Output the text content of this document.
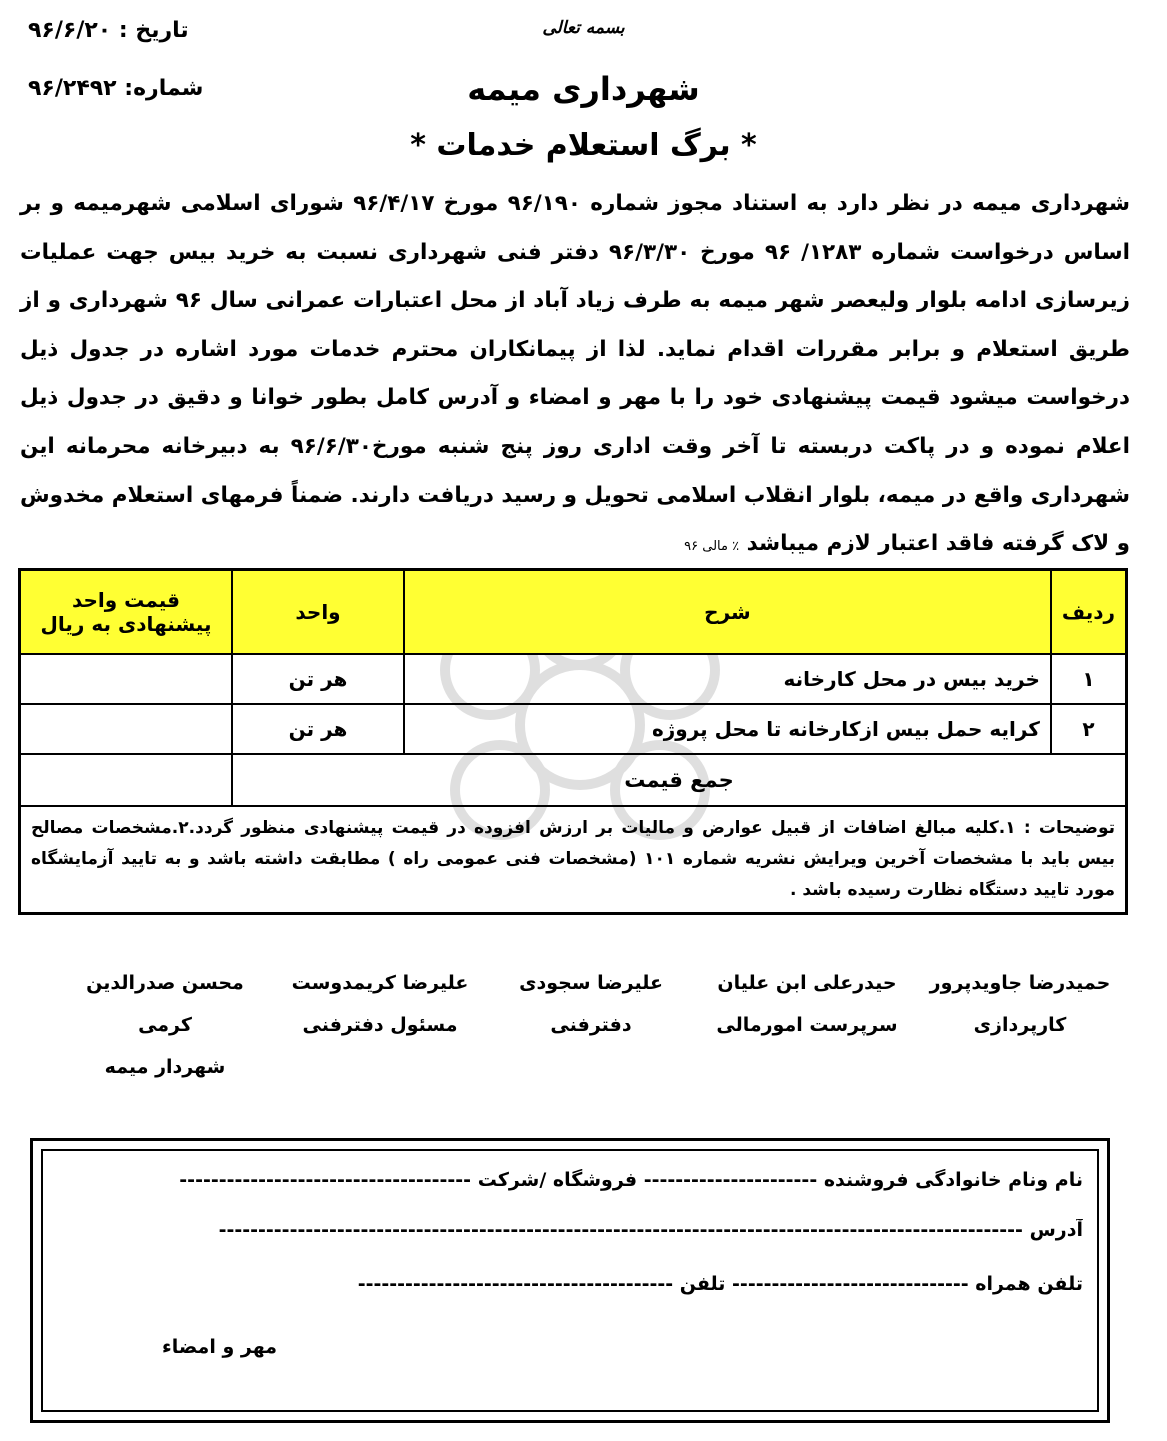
بسمه تعالی
تاریخ : ۹۶/۶/۲۰
شماره: ۹۶/۲۴۹۲	شهرداری میمه
* برگ استعلام خدمات *
شهرداری میمه در نظر دارد به استناد مجوز شماره ۹۶/۱۹۰ مورخ ۹۶/۴/۱۷ شورای اسلامی شهرمیمه و بر اساس درخواست شماره ۱۲۸۳/ ۹۶ مورخ ۹۶/۳/۳۰ دفتر فنی شهرداری نسبت به خرید بیس جهت عملیات زیرسازی ادامه بلوار ولیعصر شهر میمه به طرف زیاد آباد از محل اعتبارات عمرانی سال ۹۶ شهرداری و از طریق استعلام و برابر مقررات اقدام نماید. لذا از پیمانکاران محترم خدمات مورد اشاره در جدول ذیل درخواست میشود قیمت پیشنهادی خود را با مهر و امضاء و آدرس کامل بطور خوانا و دقیق در جدول ذیل اعلام نموده و در پاکت دربسته تا آخر وقت اداری روز پنج شنبه مورخ۹۶/۶/۳۰ به دبیرخانه محرمانه این شهرداری واقع در میمه، بلوار انقلاب اسلامی تحویل و رسید دریافت دارند. ضمناً فرمهای استعلام مخدوش و لاک گرفته فاقد اعتبار لازم میباشد ٪ مالی ۹۶
ردیف	شرح	واحد	قیمت واحد پیشنهادی به ریال
۱	خرید بیس در محل کارخانه	هر تن	
۲	کرایه حمل بیس ازکارخانه تا محل پروژه	هر تن	
جمع قیمت			
توضیحات : ۱.کلیه مبالغ اضافات از قبیل عوارض و مالیات بر ارزش افزوده در قیمت پیشنهادی منظور گردد.۲.مشخصات مصالح بیس باید با مشخصات آخرین ویرایش نشریه شماره ۱۰۱ (مشخصات فنی عمومی راه ) مطابقت داشته باشد و به تایید آزمایشگاه مورد تایید دستگاه نظارت رسیده باشد .			
حمیدرضا جاویدپرور
کارپردازی
حیدرعلی ابن علیان
سرپرست امورمالی
علیرضا سجودی
دفترفنی
علیرضا کریمدوست
مسئول دفترفنی
محسن صدرالدین کرمی
شهردار میمه
نام ونام خانوادگی فروشنده ---------------------- فروشگاه /شرکت -------------------------------------
آدرس ------------------------------------------------------------------------------------------------------
تلفن همراه ------------------------------ تلفن ----------------------------------------
مهر و امضاء
